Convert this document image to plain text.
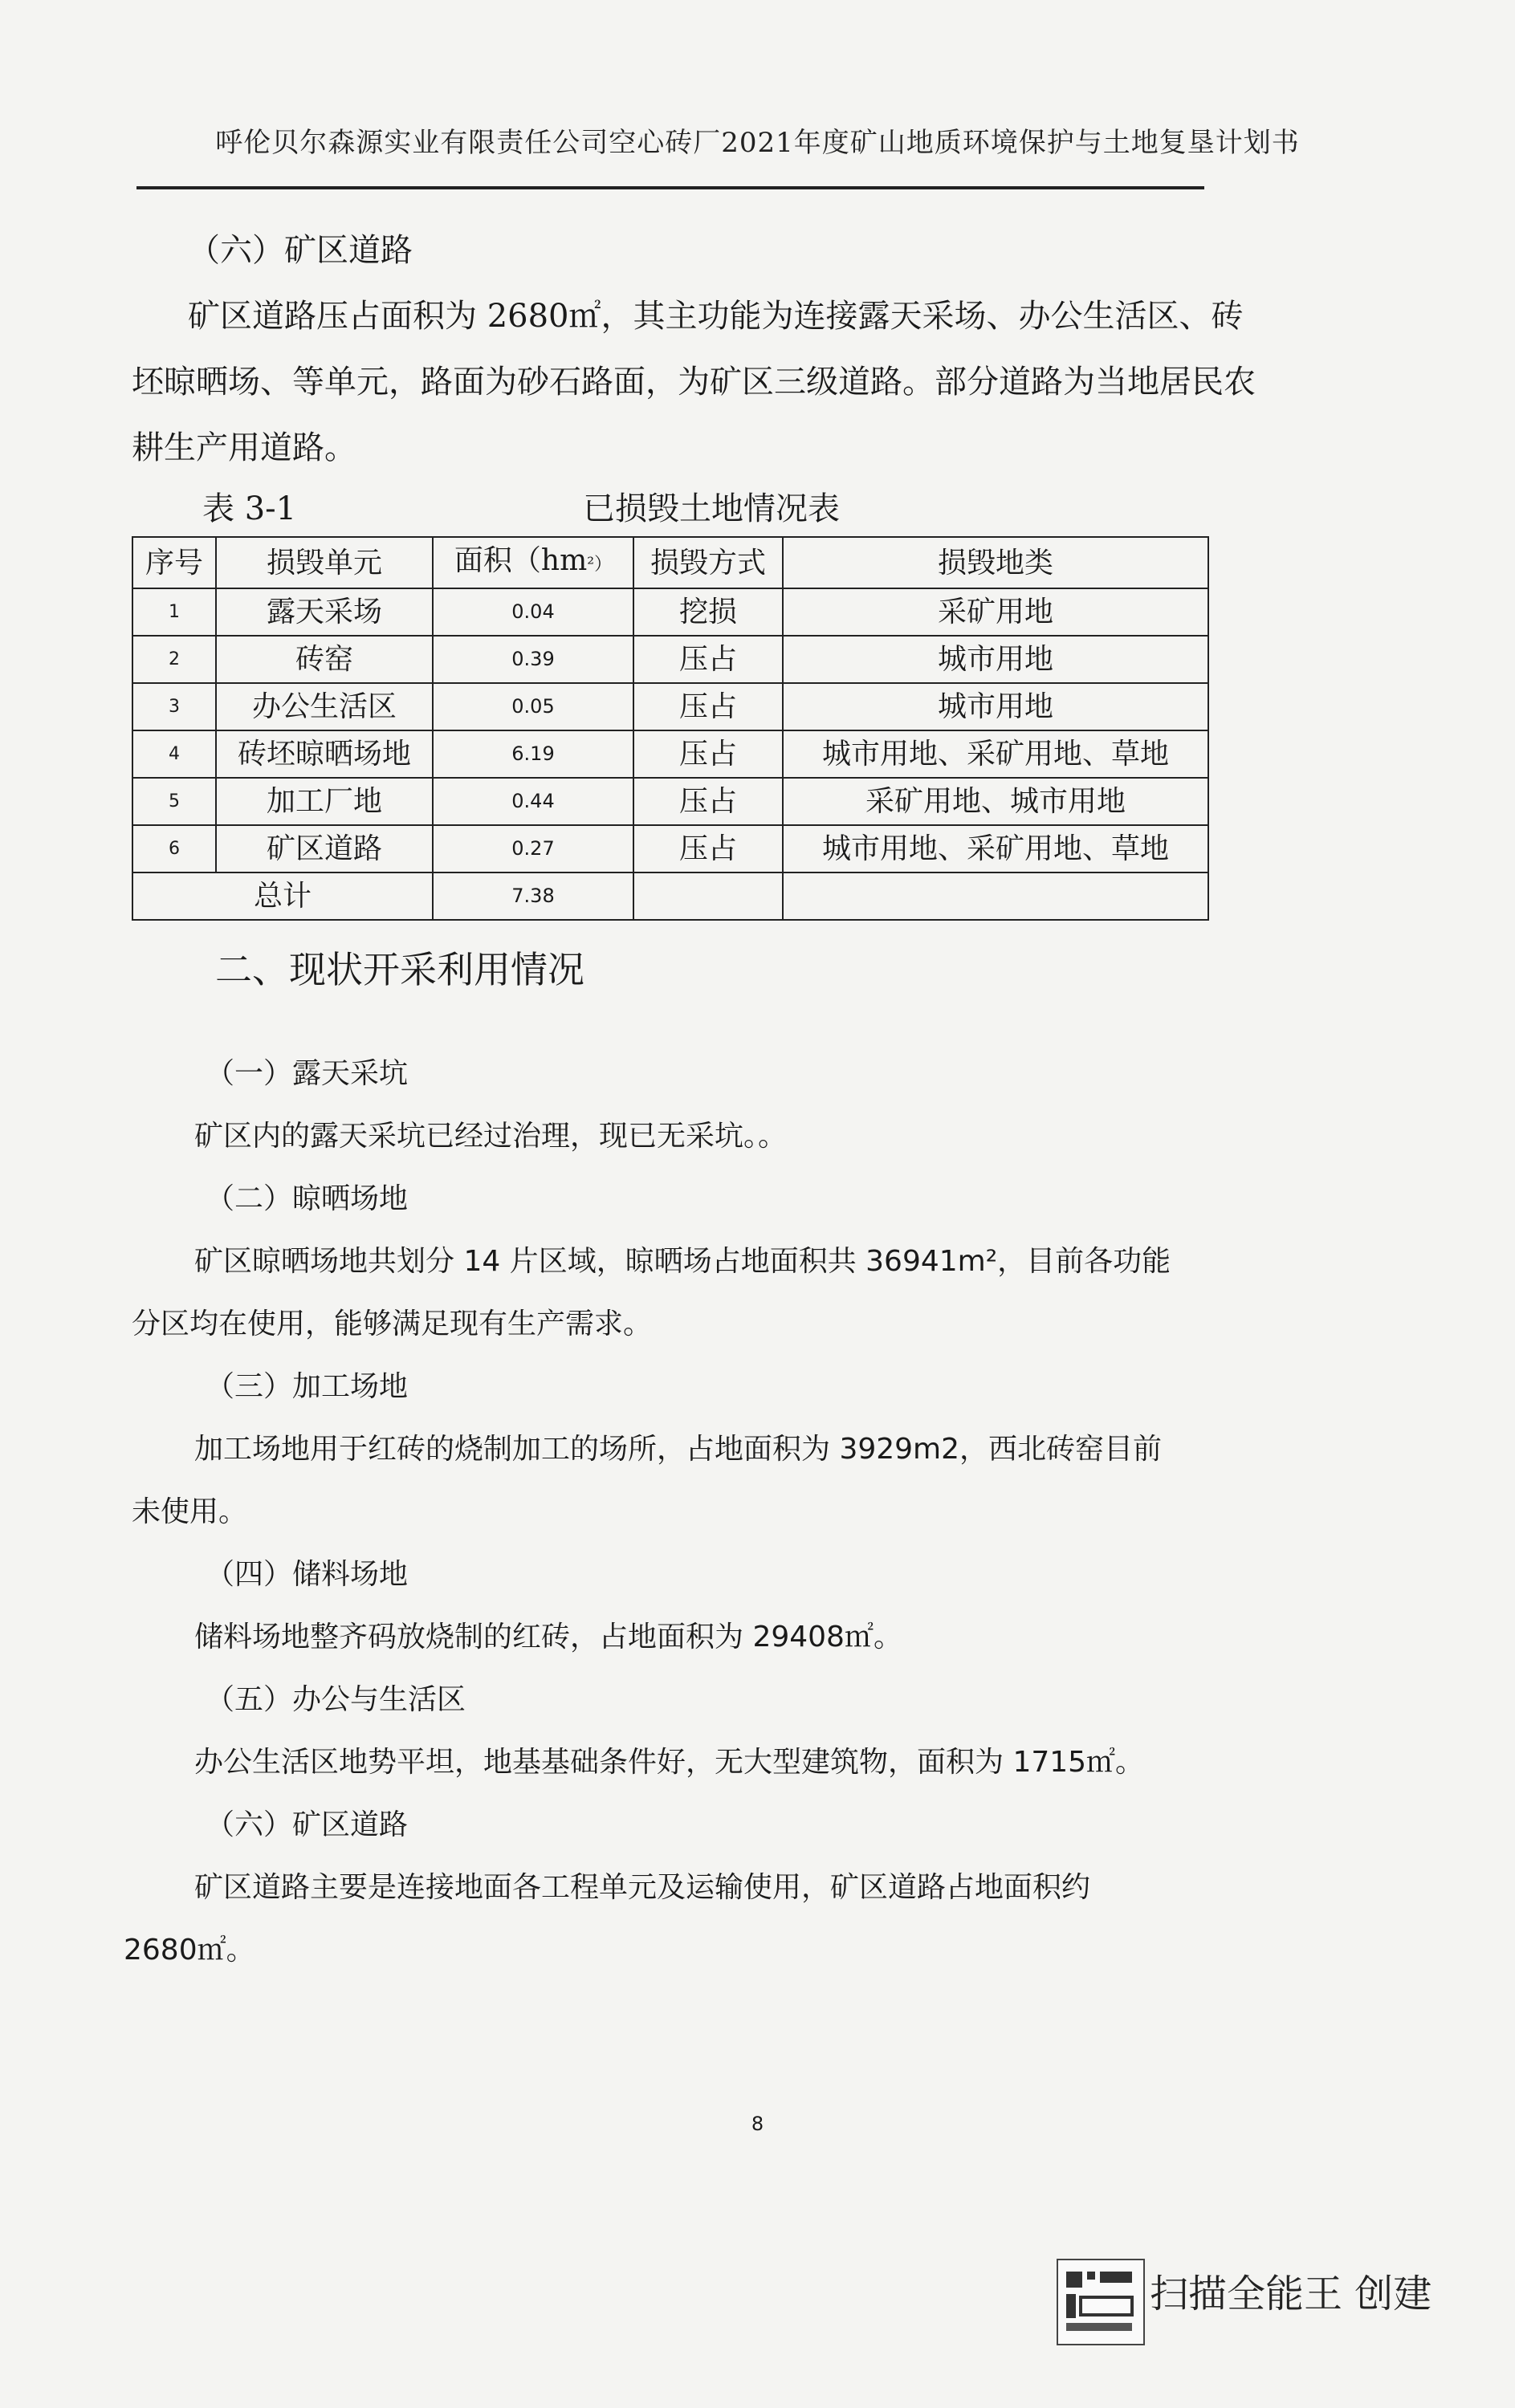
呼伦贝尔森源实业有限责任公司空心砖厂2021年度矿山地质环境保护与土地复垦计划书
（六）矿区道路
矿区道路压占面积为 2680㎡，其主功能为连接露天采场、办公生活区、砖
坯晾晒场、等单元，路面为砂石路面，为矿区三级道路。部分道路为当地居民农
耕生产用道路。
表 3-1	已损毁土地情况表
序号	损毁单元	面积（hm²）	损毁方式	损毁地类
1	露天采场	0.04	挖损	采矿用地
2	砖窑	0.39	压占	城市用地
3	办公生活区	0.05	压占	城市用地
4	砖坯晾晒场地	6.19	压占	城市用地、采矿用地、草地
5	加工厂地	0.44	压占	采矿用地、城市用地
6	矿区道路	0.27	压占	城市用地、采矿用地、草地
总计		7.38		
二、现状开采利用情况
（一）露天采坑
矿区内的露天采坑已经过治理，现已无采坑。。
（二）晾晒场地
矿区晾晒场地共划分 14 片区域，晾晒场占地面积共 36941m²，目前各功能
分区均在使用，能够满足现有生产需求。
（三）加工场地
加工场地用于红砖的烧制加工的场所，占地面积为 3929m2，西北砖窑目前
未使用。
（四）储料场地
储料场地整齐码放烧制的红砖，占地面积为 29408㎡。
（五）办公与生活区
办公生活区地势平坦，地基基础条件好，无大型建筑物，面积为 1715㎡。
（六）矿区道路
矿区道路主要是连接地面各工程单元及运输使用，矿区道路占地面积约
2680㎡。
8
扫描全能王 创建
